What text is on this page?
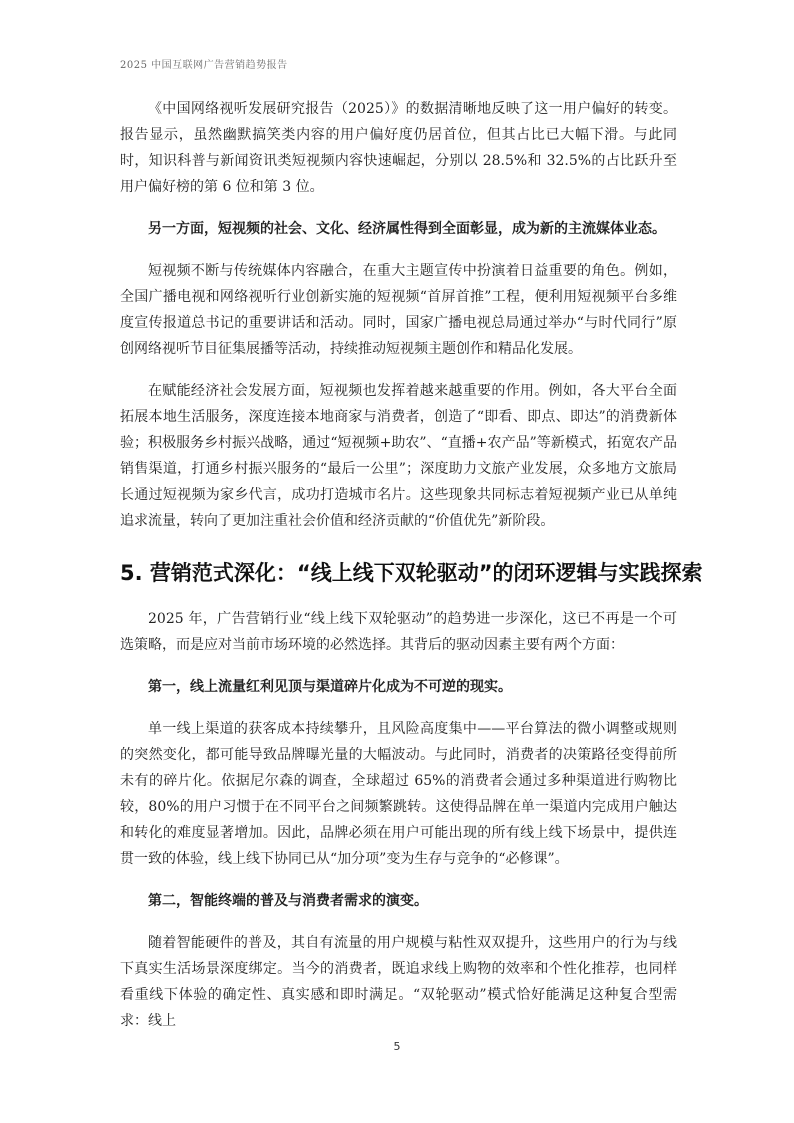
2025 中国互联网广告营销趋势报告

《中国网络视听发展研究报告（2025）》的数据清晰地反映了这一用户偏好的转变。报告显示，虽然幽默搞笑类内容的用户偏好度仍居首位，但其占比已大幅下滑。与此同时，知识科普与新闻资讯类短视频内容快速崛起，分别以 28.5%和 32.5%的占比跃升至用户偏好榜的第 6 位和第 3 位。

另一方面，短视频的社会、文化、经济属性得到全面彰显，成为新的主流媒体业态。

短视频不断与传统媒体内容融合，在重大主题宣传中扮演着日益重要的角色。例如，全国广播电视和网络视听行业创新实施的短视频“首屏首推”工程，便利用短视频平台多维度宣传报道总书记的重要讲话和活动。同时，国家广播电视总局通过举办“与时代同行”原创网络视听节目征集展播等活动，持续推动短视频主题创作和精品化发展。

在赋能经济社会发展方面，短视频也发挥着越来越重要的作用。例如，各大平台全面拓展本地生活服务，深度连接本地商家与消费者，创造了“即看、即点、即达”的消费新体验；积极服务乡村振兴战略，通过“短视频+助农”、“直播+农产品”等新模式，拓宽农产品销售渠道，打通乡村振兴服务的“最后一公里”；深度助力文旅产业发展，众多地方文旅局长通过短视频为家乡代言，成功打造城市名片。这些现象共同标志着短视频产业已从单纯追求流量，转向了更加注重社会价值和经济贡献的“价值优先”新阶段。

5. 营销范式深化：“线上线下双轮驱动”的闭环逻辑与实践探索

2025 年，广告营销行业“线上线下双轮驱动”的趋势进一步深化，这已不再是一个可选策略，而是应对当前市场环境的必然选择。其背后的驱动因素主要有两个方面：

第一，线上流量红利见顶与渠道碎片化成为不可逆的现实。

单一线上渠道的获客成本持续攀升，且风险高度集中——平台算法的微小调整或规则的突然变化，都可能导致品牌曝光量的大幅波动。与此同时，消费者的决策路径变得前所未有的碎片化。依据尼尔森的调查，全球超过 65%的消费者会通过多种渠道进行购物比较，80%的用户习惯于在不同平台之间频繁跳转。这使得品牌在单一渠道内完成用户触达和转化的难度显著增加。因此，品牌必须在用户可能出现的所有线上线下场景中，提供连贯一致的体验，线上线下协同已从“加分项”变为生存与竞争的“必修课”。

第二，智能终端的普及与消费者需求的演变。

随着智能硬件的普及，其自有流量的用户规模与粘性双双提升，这些用户的行为与线下真实生活场景深度绑定。当今的消费者，既追求线上购物的效率和个性化推荐，也同样看重线下体验的确定性、真实感和即时满足。“双轮驱动”模式恰好能满足这种复合型需求：线上

5
